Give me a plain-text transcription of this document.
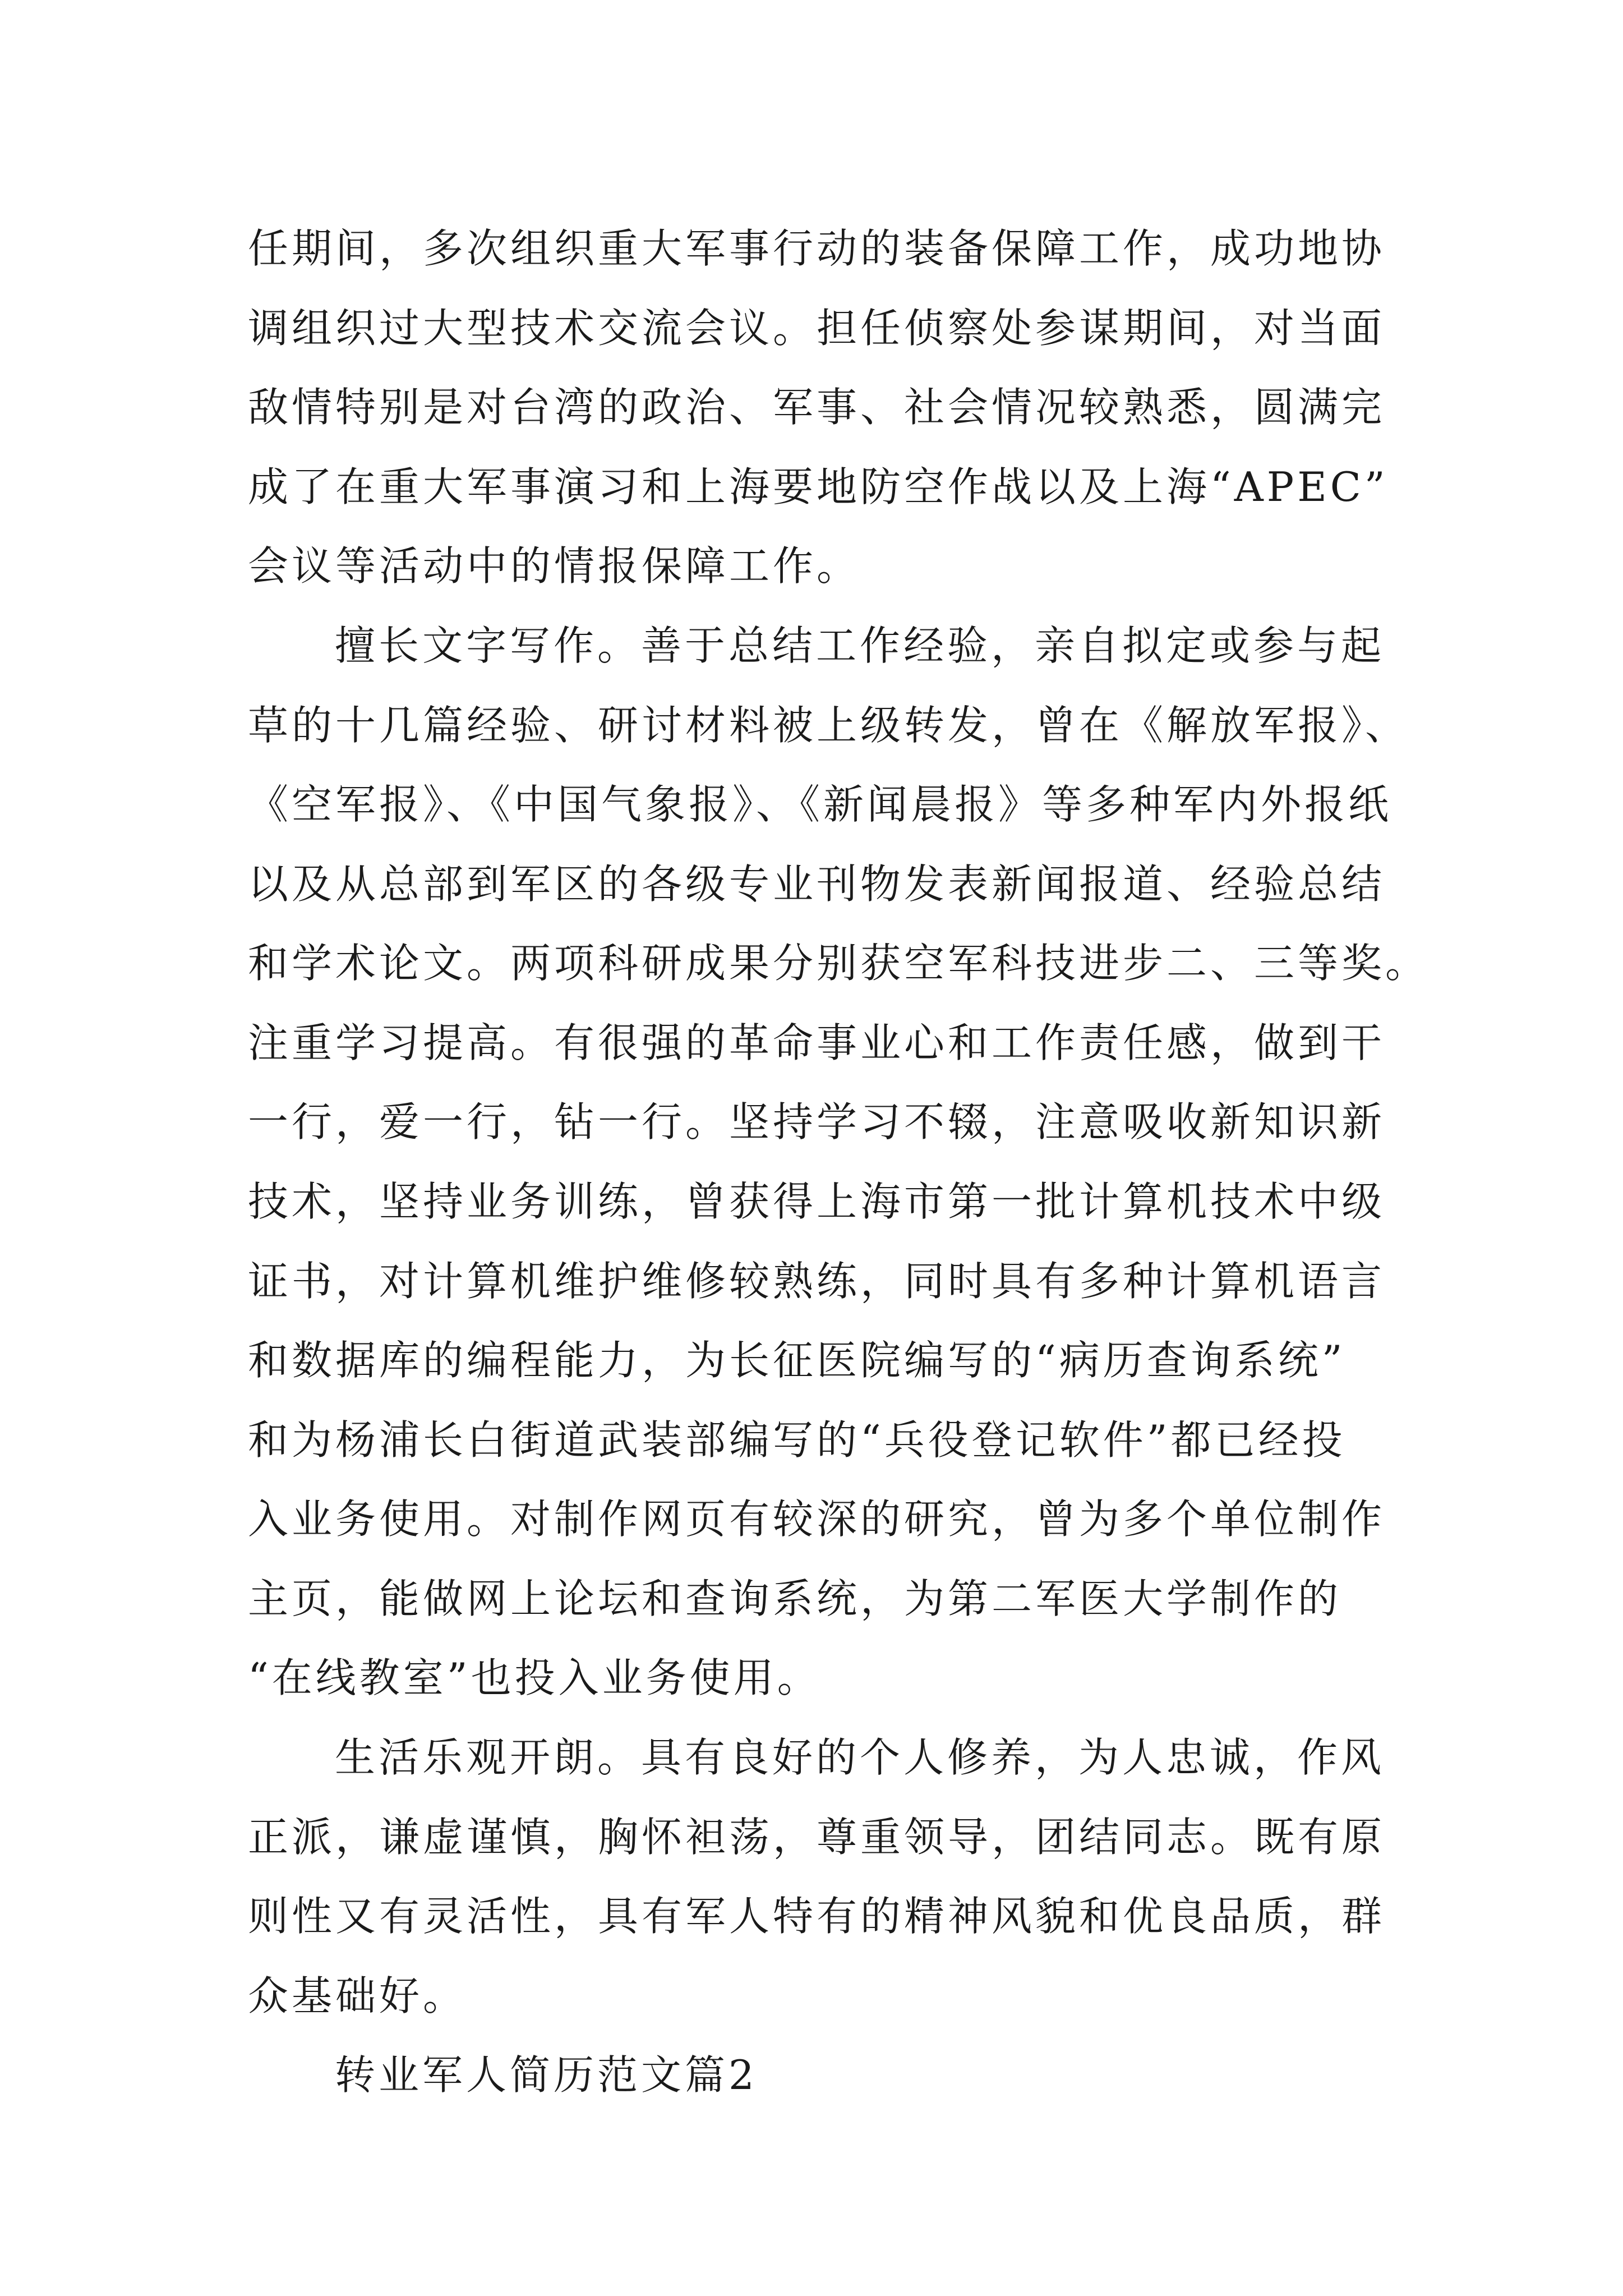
任期间，多次组织重大军事行动的装备保障工作，成功地协
调组织过大型技术交流会议。担任侦察处参谋期间，对当面
敌情特别是对台湾的政治、军事、社会情况较熟悉，圆满完
成了在重大军事演习和上海要地防空作战以及上海“APEC”
会议等活动中的情报保障工作。
擅长文字写作。善于总结工作经验，亲自拟定或参与起
草的十几篇经验、研讨材料被上级转发，曾在《解放军报》、
《空军报》、《中国气象报》、《新闻晨报》等多种军内外报纸
以及从总部到军区的各级专业刊物发表新闻报道、经验总结
和学术论文。两项科研成果分别获空军科技进步二、三等奖。
注重学习提高。有很强的革命事业心和工作责任感，做到干
一行，爱一行，钻一行。坚持学习不辍，注意吸收新知识新
技术，坚持业务训练，曾获得上海市第一批计算机技术中级
证书，对计算机维护维修较熟练，同时具有多种计算机语言
和数据库的编程能力，为长征医院编写的“病历查询系统”
和为杨浦长白街道武装部编写的“兵役登记软件”都已经投
入业务使用。对制作网页有较深的研究，曾为多个单位制作
主页，能做网上论坛和查询系统，为第二军医大学制作的
“在线教室”也投入业务使用。
生活乐观开朗。具有良好的个人修养，为人忠诚，作风
正派，谦虚谨慎，胸怀袒荡，尊重领导，团结同志。既有原
则性又有灵活性，具有军人特有的精神风貌和优良品质，群
众基础好。
转业军人简历范文篇2
